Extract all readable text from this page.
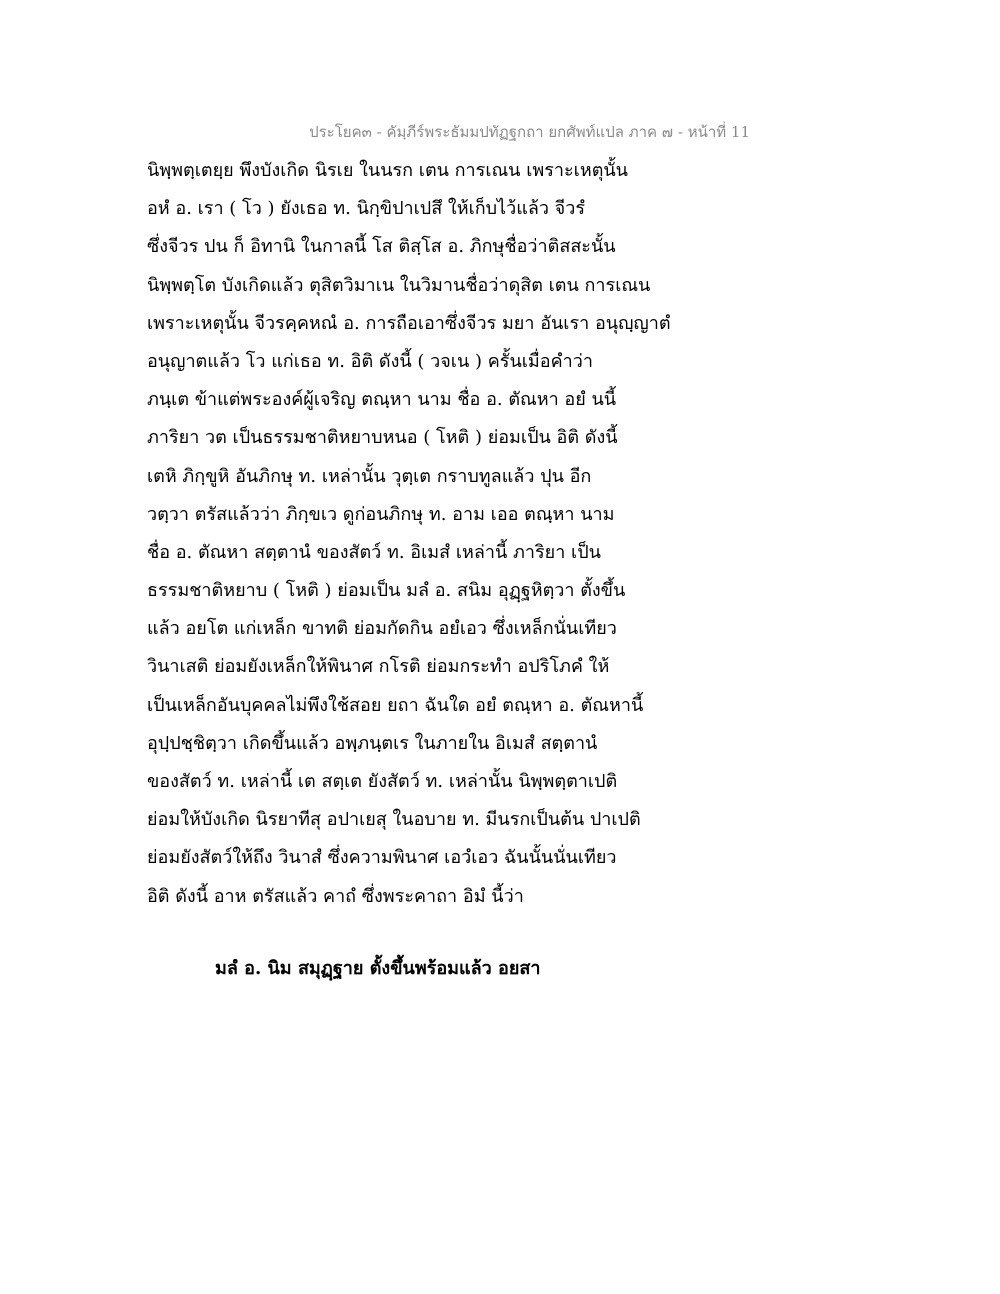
ประโยค๓ - คัมฺภีร์พระธัมมปทัฏฐกถา ยกศัพท์แปล ภาค ๗ - หน้าที่ 11
นิพฺพตฺเตยฺย พึงบังเกิด นิรเย ในนรก เตน การเณน เพราะเหตุนั้น
อหํ อ. เรา ( โว ) ยังเธอ ท. นิกฺขิปาเปสึ ให้เก็บไว้แล้ว จีวรํ
ซึ่งจีวร ปน ก็ อิทานิ ในกาลนี้ โส ติสฺโส อ. ภิกษุชื่อว่าติสสะนั้น
นิพฺพตฺโต บังเกิดแล้ว ตุสิตวิมาเน ในวิมานชื่อว่าดุสิต เตน การเณน
เพราะเหตุนั้น จีวรคฺคหณํ อ. การถือเอาซึ่งจีวร มยา อันเรา อนุญฺญาตํ
อนุญาตแล้ว โว แก่เธอ ท. อิติ ดังนี้ ( วจเน ) ครั้นเมื่อคำว่า
ภนฺเต ข้าแต่พระองค์ผู้เจริญ ตณฺหา นาม ชื่อ อ. ตัณหา อยํ นนี้
ภาริยา วต เป็นธรรมชาติหยาบหนอ ( โหติ ) ย่อมเป็น อิติ ดังนี้
เตหิ ภิกฺขูหิ อันภิกษุ ท. เหล่านั้น วุตฺเต กราบทูลแล้ว ปุน อีก
วตฺวา ตรัสแล้วว่า ภิกฺขเว ดูก่อนภิกษุ ท. อาม เออ ตณฺหา นาม
ชื่อ อ. ตัณหา สตฺตานํ ของสัตว์ ท. อิเมสํ เหล่านี้ ภาริยา เป็น
ธรรมชาติหยาบ ( โหติ ) ย่อมเป็น มลํ อ. สนิม อุฏฺฐหิตฺวา ตั้งขึ้น
แล้ว อยโต แก่เหล็ก ขาทติ ย่อมกัดกิน อยํเอว ซึ่งเหล็กนั่นเทียว
วินาเสติ ย่อมยังเหล็กให้พินาศ กโรติ ย่อมกระทำ อปริโภคํ ให้
เป็นเหล็กอันบุคคลไม่พึงใช้สอย ยถา ฉันใด อยํ ตณฺหา อ. ตัณหานี้
อุปฺปชฺชิตฺวา เกิดขึ้นแล้ว อพฺภนฺตเร ในภายใน อิเมสํ สตฺตานํ
ของสัตว์ ท. เหล่านี้ เต สตฺเต ยังสัตว์ ท. เหล่านั้น นิพฺพตฺตาเปติ
ย่อมให้บังเกิด นิรยาทีสุ อปาเยสุ ในอบาย ท. มีนรกเป็นต้น ปาเปติ
ย่อมยังสัตว์ให้ถึง วินาสํ ซึ่งความพินาศ เอวํเอว ฉันนั้นนั่นเทียว
อิติ ดังนี้ อาห ตรัสแล้ว คาถํ ซึ่งพระคาถา อิมํ นี้ว่า
มลํ อ. นิม สมุฏฺฐาย ตั้งขึ้นพร้อมแล้ว อยสา
